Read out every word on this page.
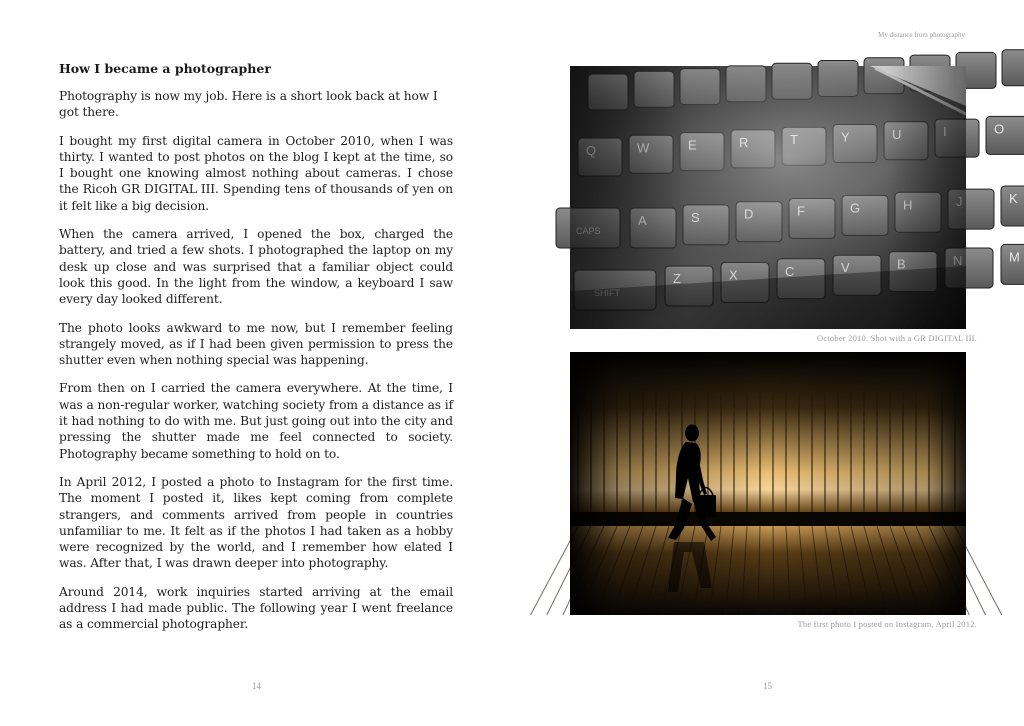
How I became a photographer

Photography is now my job. Here is a short look back at how I got there.

I bought my first digital camera in October 2010, when I was thirty. I wanted to post photos on the blog I kept at the time, so I bought one knowing almost nothing about cameras. I chose the Ricoh GR DIGITAL III. Spending tens of thousands of yen on it felt like a big decision.

When the camera arrived, I opened the box, charged the battery, and tried a few shots. I photographed the laptop on my desk up close and was surprised that a familiar object could look this good. In the light from the window, a keyboard I saw every day looked different.

The photo looks awkward to me now, but I remember feeling strangely moved, as if I had been given permission to press the shutter even when nothing special was happening.

From then on I carried the camera everywhere. At the time, I was a non-regular worker, watching society from a distance as if it had nothing to do with me. But just going out into the city and pressing the shutter made me feel connected to society. Photography became something to hold on to.

In April 2012, I posted a photo to Instagram for the first time. The moment I posted it, likes kept coming from complete strangers, and comments arrived from people in countries unfamiliar to me. It felt as if the photos I had taken as a hobby were recognized by the world, and I remember how elated I was. After that, I was drawn deeper into photography.

Around 2014, work inquiries started arriving at the email address I had made public. The following year I went freelance as a commercial photographer.

14
My distance from photography
O
K
M

October 2010. Shot with a GR DIGITAL III.

The first photo I posted on Instagram, April 2012.

15
